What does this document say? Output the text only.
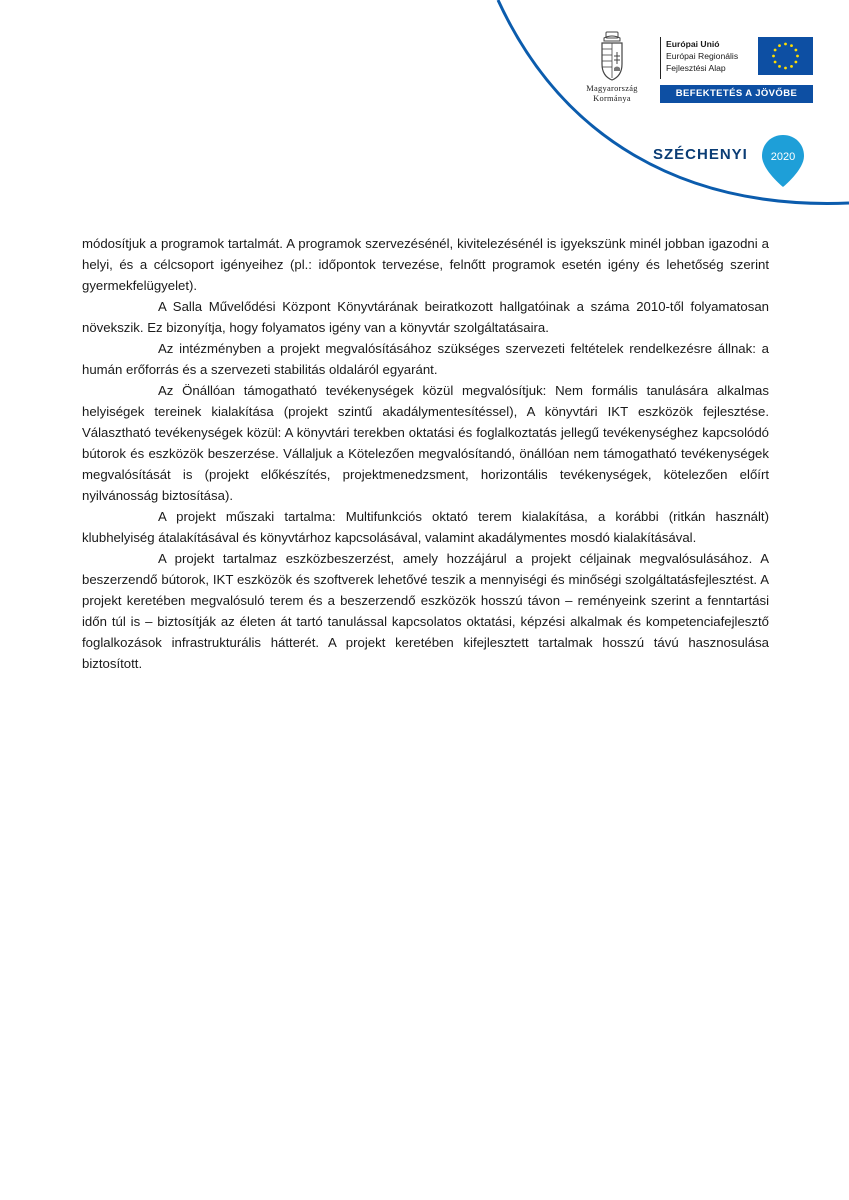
Magyarország
Kormánya
Európai Unió
Európai Regionális
Fejlesztési Alap
BEFEKTETÉS A JÖVŐBE
SZÉCHENYI 2020

módosítjuk a programok tartalmát. A programok szervezésénél, kivitelezésénél is igyekszünk minél jobban igazodni a helyi, és a célcsoport igényeihez (pl.: időpontok tervezése, felnőtt programok esetén igény és lehetőség szerint gyermekfelügyelet).

A Salla Művelődési Központ Könyvtárának beiratkozott hallgatóinak a száma 2010-től folyamatosan növekszik. Ez bizonyítja, hogy folyamatos igény van a könyvtár szolgáltatásaira.

Az intézményben a projekt megvalósításához szükséges szervezeti feltételek rendelkezésre állnak: a humán erőforrás és a szervezeti stabilitás oldaláról egyaránt.

Az Önállóan támogatható tevékenységek közül megvalósítjuk: Nem formális tanulására alkalmas helyiségek tereinek kialakítása (projekt szintű akadálymentesítéssel), A könyvtári IKT eszközök fejlesztése. Választható tevékenységek közül: A könyvtári terekben oktatási és foglalkoztatás jellegű tevékenységhez kapcsolódó bútorok és eszközök beszerzése. Vállaljuk a Kötelezően megvalósítandó, önállóan nem támogatható tevékenységek megvalósítását is (projekt előkészítés, projektmenedzsment, horizontális tevékenységek, kötelezően előírt nyilvánosság biztosítása).

A projekt műszaki tartalma: Multifunkciós oktató terem kialakítása, a korábbi (ritkán használt) klubhelyiség átalakításával és könyvtárhoz kapcsolásával, valamint akadálymentes mosdó kialakításával.

A projekt tartalmaz eszközbeszerzést, amely hozzájárul a projekt céljainak megvalósulásához. A beszerzendő bútorok, IKT eszközök és szoftverek lehetővé teszik a mennyiségi és minőségi szolgáltatásfejlesztést. A projekt keretében megvalósuló terem és a beszerzendő eszközök hosszú távon – reményeink szerint a fenntartási időn túl is – biztosítják az életen át tartó tanulással kapcsolatos oktatási, képzési alkalmak és kompetenciafejlesztő foglalkozások infrastrukturális hátterét. A projekt keretében kifejlesztett tartalmak hosszú távú hasznosulása biztosított.
